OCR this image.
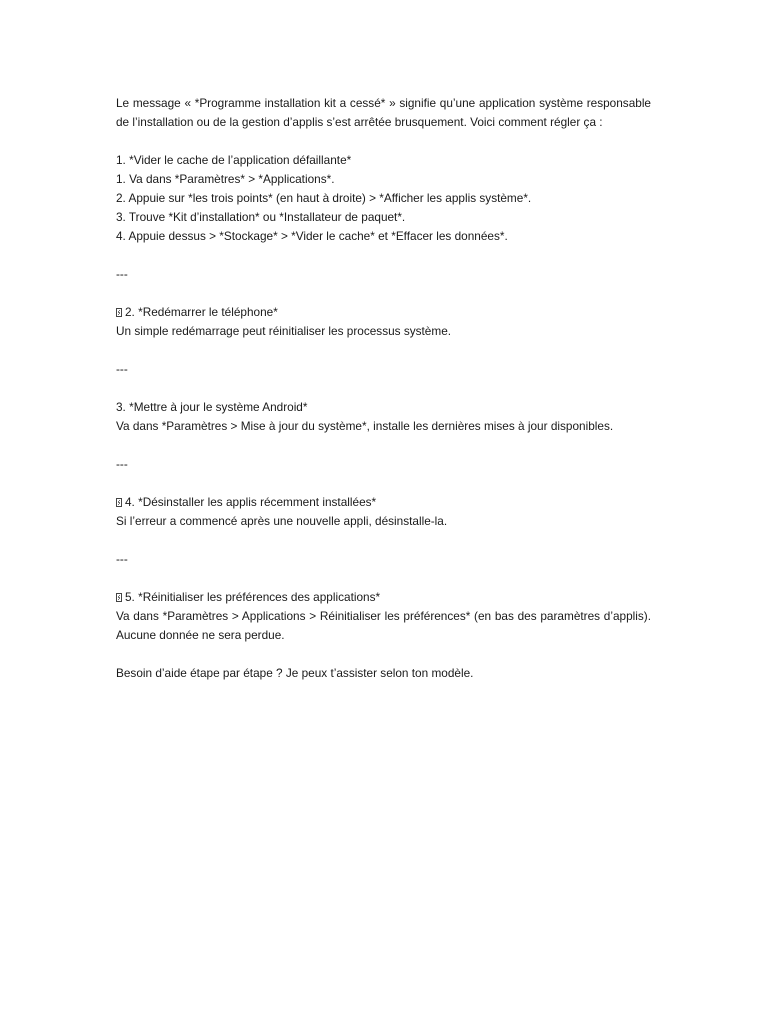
Le message « *Programme installation kit a cessé* » signifie qu’une application système responsable de l’installation ou de la gestion d’applis s’est arrêtée brusquement. Voici comment régler ça :

1. *Vider le cache de l’application défaillante*

1. Va dans *Paramètres* > *Applications*.

2. Appuie sur *les trois points* (en haut à droite) > *Afficher les applis système*.

3. Trouve *Kit d’installation* ou *Installateur de paquet*.

4. Appuie dessus > *Stockage* > *Vider le cache* et *Effacer les données*.

---

2. *Redémarrer le téléphone*

Un simple redémarrage peut réinitialiser les processus système.

---

3. *Mettre à jour le système Android*

Va dans *Paramètres > Mise à jour du système*, installe les dernières mises à jour disponibles.

---

4. *Désinstaller les applis récemment installées*

Si l’erreur a commencé après une nouvelle appli, désinstalle-la.

---

5. *Réinitialiser les préférences des applications*

Va dans *Paramètres > Applications > Réinitialiser les préférences* (en bas des paramètres d’applis). Aucune donnée ne sera perdue.

Besoin d’aide étape par étape ? Je peux t’assister selon ton modèle.
